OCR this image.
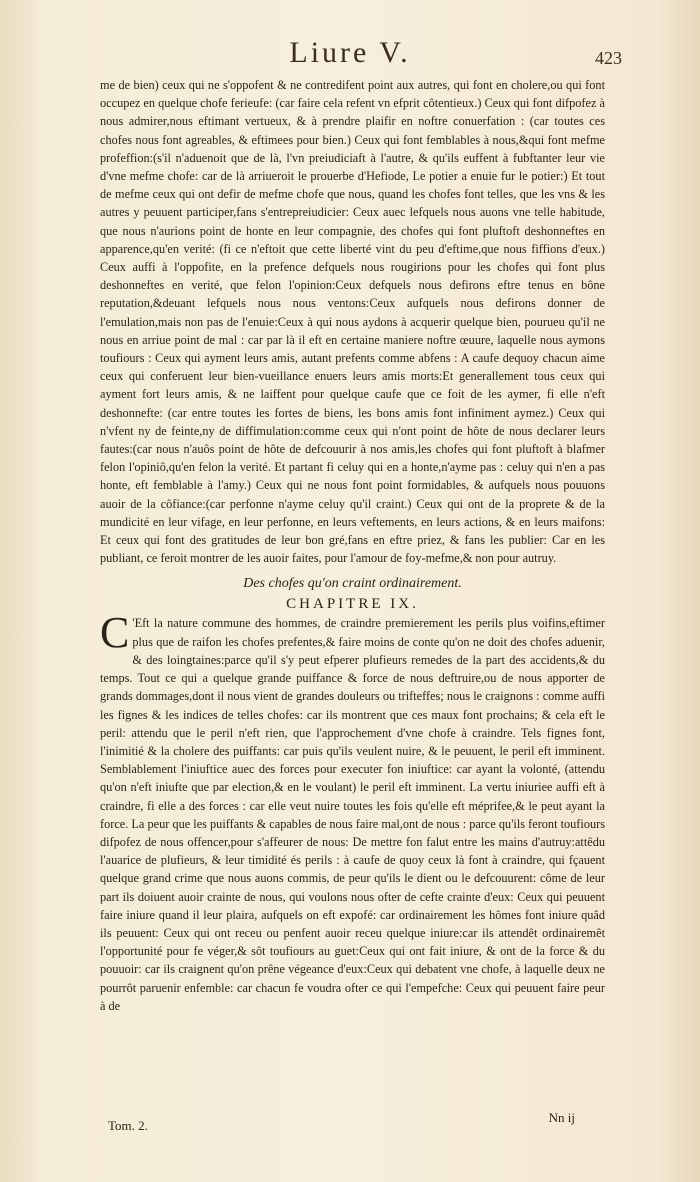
Liure V.	423

me de bien) ceux qui ne s'oppofent & ne contredifent point aux autres, qui font en cholere,ou qui font occupez en quelque chofe ferieufe: (car faire cela refent vn efprit côtentieux.) Ceux qui font difpofez à nous admirer,nous eftimant vertueux, & à prendre plaifir en noftre conuerfation : (car toutes ces chofes nous font agreables, & eftimees pour bien.) Ceux qui font femblables à nous,&qui font mefme profeffion:(s'il n'aduenoit que de là, l'vn preiudiciaft à l'autre, & qu'ils euffent à fubftanter leur vie d'vne mefme chofe: car de là arriueroit le prouerbe d'Hefiode, Le potier a enuie fur le potier:) Et tout de mefme ceux qui ont defir de mefme chofe que nous, quand les chofes font telles, que les vns & les autres y peuuent participer,fans s'entrepreiudicier: Ceux auec lefquels nous auons vne telle habitude, que nous n'aurions point de honte en leur compagnie, des chofes qui font pluftoft deshonneftes en apparence,qu'en verité: (fi ce n'eftoit que cette liberté vint du peu d'eftime,que nous fiffions d'eux.) Ceux auffi à l'oppofite, en la prefence defquels nous rougirions pour les chofes qui font plus deshonneftes en verité, que felon l'opinion:Ceux defquels nous defirons eftre tenus en bône reputation,&deuant lefquels nous nous ventons:Ceux aufquels nous defirons donner de l'emulation,mais non pas de l'enuie:Ceux à qui nous aydons à acquerir quelque bien, pourueu qu'il ne nous en arriue point de mal : car par là il eft en certaine maniere noftre œuure, laquelle nous aymons toufiours : Ceux qui ayment leurs amis, autant prefents comme abfens : A caufe dequoy chacun aime ceux qui conferuent leur bien-vueillance enuers leurs amis morts:Et generallement tous ceux qui ayment fort leurs amis, & ne laiffent pour quelque caufe que ce foit de les aymer, fi elle n'eft deshonnefte: (car entre toutes les fortes de biens, les bons amis font infiniment aymez.) Ceux qui n'vfent ny de feinte,ny de diffimulation:comme ceux qui n'ont point de hôte de nous declarer leurs fautes:(car nous n'auôs point de hôte de defcouurir à nos amis,les chofes qui font pluftoft à blafmer felon l'opiniô,qu'en felon la verité. Et partant fi celuy qui en a honte,n'ayme pas : celuy qui n'en a pas honte, eft femblable à l'amy.) Ceux qui ne nous font point formidables, & aufquels nous pouuons auoir de la côfiance:(car perfonne n'ayme celuy qu'il craint.) Ceux qui ont de la proprete & de la mundicité en leur vifage, en leur perfonne, en leurs veftements, en leurs actions, & en leurs maifons: Et ceux qui font des gratitudes de leur bon gré,fans en eftre priez, & fans les publier: Car en les publiant, ce feroit montrer de les auoir faites, pour l'amour de foy-mefme,& non pour autruy.

Des chofes qu'on craint ordinairement.
CHAPITRE IX.

C 'Eft la nature commune des hommes, de craindre premierement les perils plus voifins,eftimer plus que de raifon les chofes prefentes,& faire moins de conte qu'on ne doit des chofes aduenir, & des loingtaines:parce qu'il s'y peut efperer plufieurs remedes de la part des accidents,& du temps. Tout ce qui a quelque grande puiffance & force de nous deftruire,ou de nous apporter de grands dommages,dont il nous vient de grandes douleurs ou trifteffes; nous le craignons : comme auffi les fignes & les indices de telles chofes: car ils montrent que ces maux font prochains; & cela eft le peril: attendu que le peril n'eft rien, que l'approchement d'vne chofe à craindre. Tels fignes font, l'inimitié & la cholere des puiffants: car puis qu'ils veulent nuire, & le peuuent, le peril eft imminent. Semblablement l'iniuftice auec des forces pour executer fon iniuftice: car ayant la volonté, (attendu qu'on n'eft iniufte que par election,& en le voulant) le peril eft imminent. La vertu iniuriee auffi eft à craindre, fi elle a des forces : car elle veut nuire toutes les fois qu'elle eft méprifee,& le peut ayant la force. La peur que les puiffants & capables de nous faire mal,ont de nous : parce qu'ils feront toufiours difpofez de nous offencer,pour s'affeurer de nous: De mettre fon falut entre les mains d'autruy:attêdu l'auarice de plufieurs, & leur timidité és perils : à caufe de quoy ceux là font à craindre, qui fçauent quelque grand crime que nous auons commis, de peur qu'ils le dient ou le defcouurent: côme de leur part ils doiuent auoir crainte de nous, qui voulons nous ofter de cefte crainte d'eux: Ceux qui peuuent faire iniure quand il leur plaira, aufquels on eft expofé: car ordinairement les hômes font iniure quâd ils peuuent: Ceux qui ont receu ou penfent auoir receu quelque iniure:car ils attendêt ordinairemêt l'opportunité pour fe véger,& sôt toufiours au guet:Ceux qui ont fait iniure, & ont de la force & du pouuoir: car ils craignent qu'on prêne végeance d'eux:Ceux qui debatent vne chofe, à laquelle deux ne pourrôt paruenir enfemble: car chacun fe voudra ofter ce qui l'empefche: Ceux qui peuuent faire peur à de

Tom. 2.
Nn ij
